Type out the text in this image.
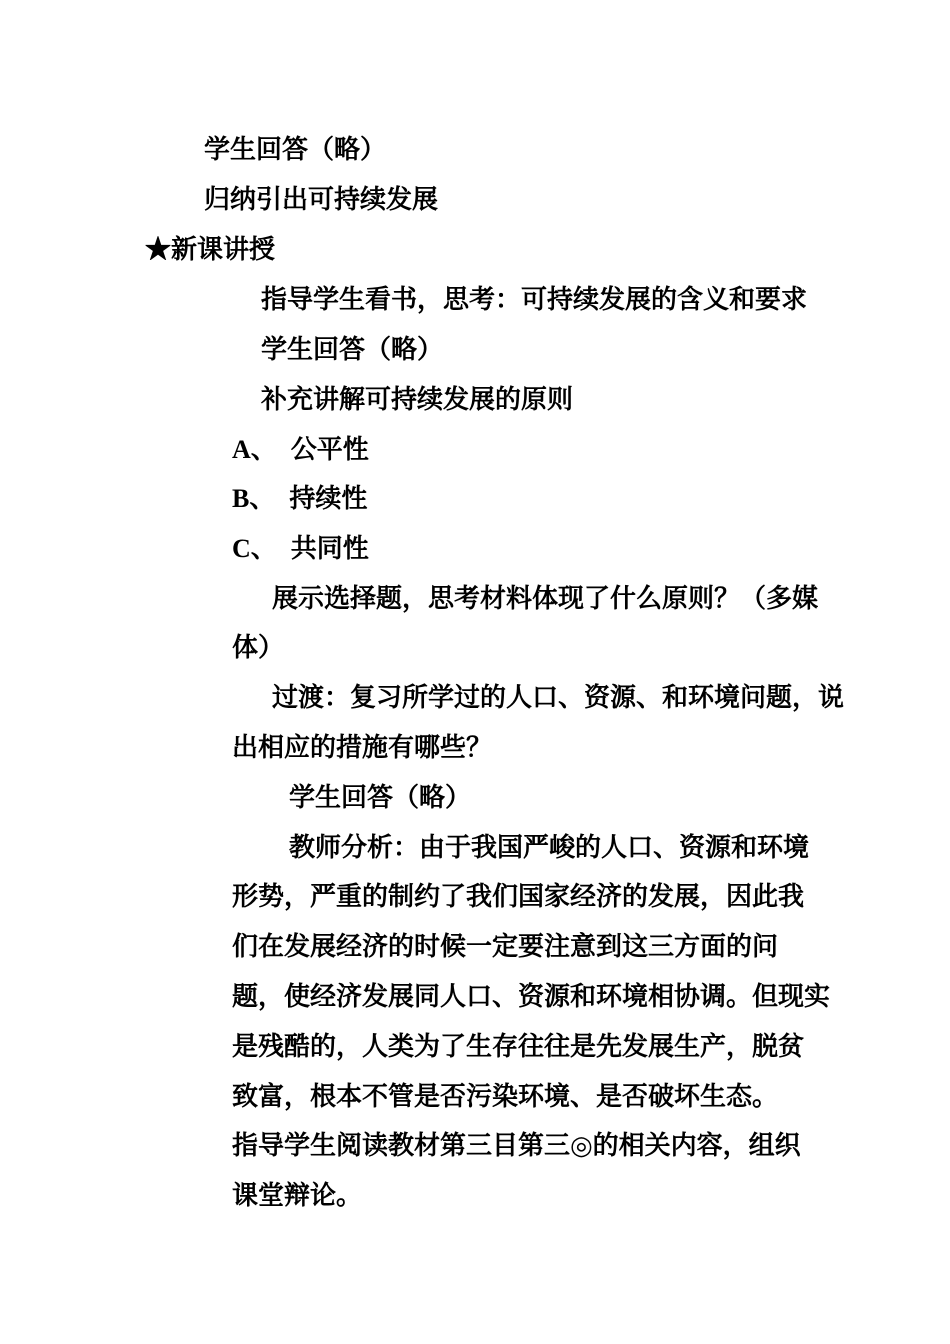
学生回答（略）
归纳引出可持续发展
★新课讲授
指导学生看书，思考：可持续发展的含义和要求
学生回答（略）
补充讲解可持续发展的原则
A、 公平性
B、 持续性
C、 共同性
展示选择题，思考材料体现了什么原则？（多媒
体）
过渡：复习所学过的人口、资源、和环境问题，说
出相应的措施有哪些？
学生回答（略）
教师分析：由于我国严峻的人口、资源和环境
形势，严重的制约了我们国家经济的发展，因此我
们在发展经济的时候一定要注意到这三方面的问
题，使经济发展同人口、资源和环境相协调。但现实
是残酷的，人类为了生存往往是先发展生产，脱贫
致富，根本不管是否污染环境、是否破坏生态。
指导学生阅读教材第三目第三◎的相关内容，组织
课堂辩论。
